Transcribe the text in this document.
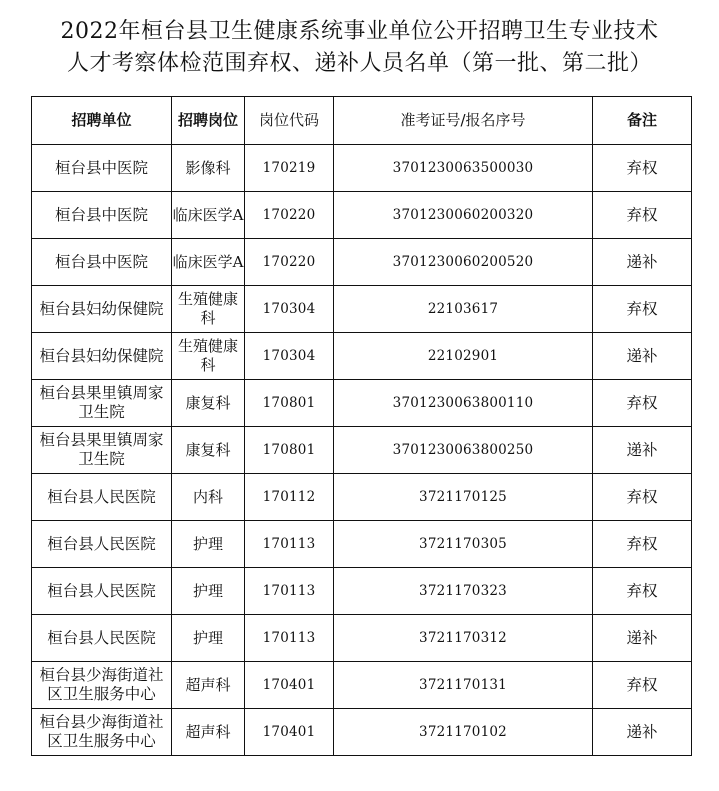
2022年桓台县卫生健康系统事业单位公开招聘卫生专业技术
人才考察体检范围弃权、递补人员名单（第一批、第二批）
招聘单位	招聘岗位	岗位代码	准考证号/报名序号	备注
桓台县中医院	影像科	170219	3701230063500030	弃权
桓台县中医院	临床医学A	170220	3701230060200320	弃权
桓台县中医院	临床医学A	170220	3701230060200520	递补
桓台县妇幼保健院	生殖健康科	170304	22103617	弃权
桓台县妇幼保健院	生殖健康科	170304	22102901	递补
桓台县果里镇周家卫生院	康复科	170801	3701230063800110	弃权
桓台县果里镇周家卫生院	康复科	170801	3701230063800250	递补
桓台县人民医院	内科	170112	3721170125	弃权
桓台县人民医院	护理	170113	3721170305	弃权
桓台县人民医院	护理	170113	3721170323	弃权
桓台县人民医院	护理	170113	3721170312	递补
桓台县少海街道社区卫生服务中心	超声科	170401	3721170131	弃权
桓台县少海街道社区卫生服务中心	超声科	170401	3721170102	递补
